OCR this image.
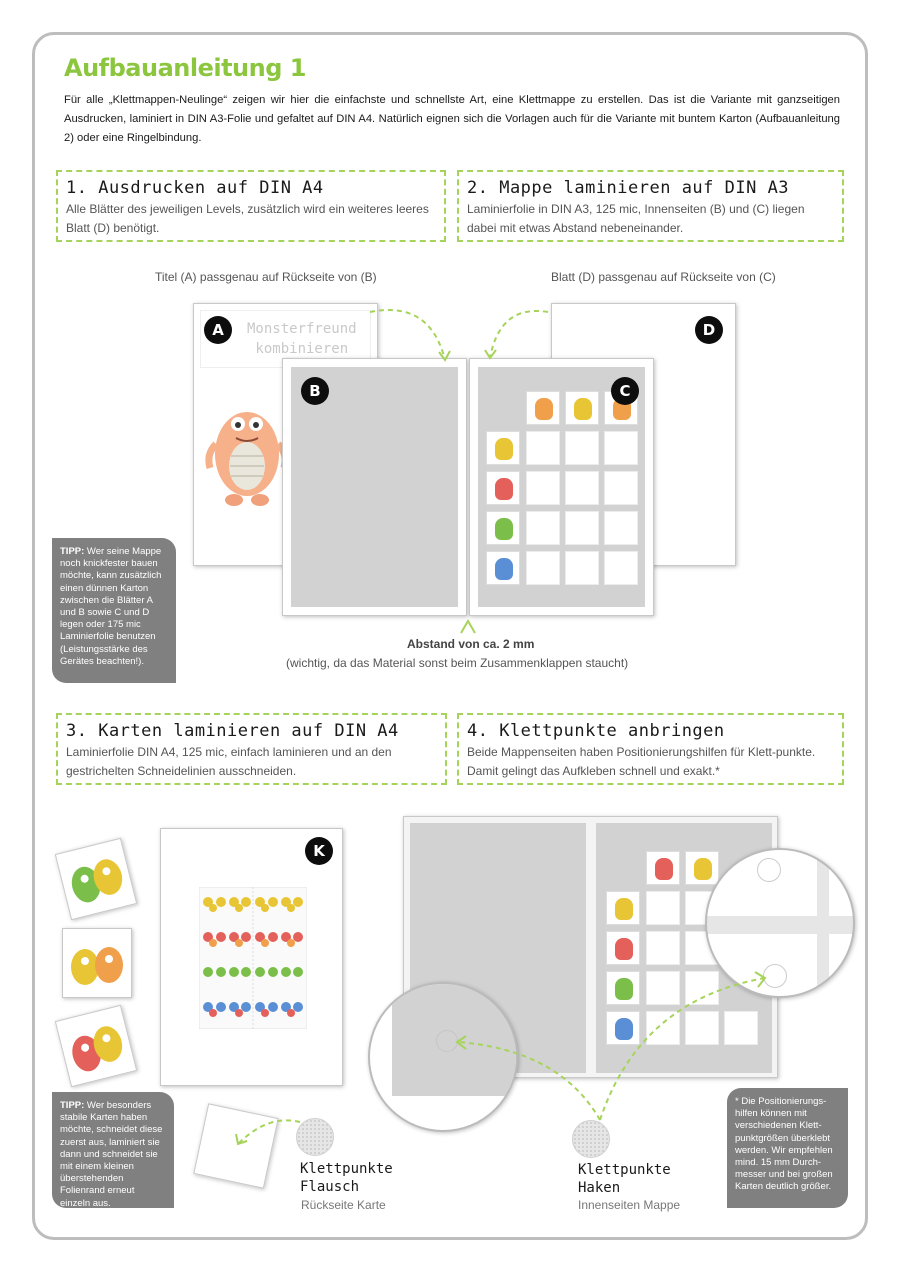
Aufbauanleitung 1

Für alle „Klettmappen-Neulinge“ zeigen wir hier die einfachste und schnellste Art, eine Klettmappe zu erstellen. Das ist die Variante mit ganzseitigen Ausdrucken, laminiert in DIN A3-Folie und gefaltet auf DIN A4. Natürlich eignen sich die Vorlagen auch für die Variante mit buntem Karton (Aufbauanleitung 2) oder eine Ringelbindung.

1. Ausdrucken auf DIN A4

Alle Blätter des jeweiligen Levels, zusätzlich wird ein weiteres leeres Blatt (D) benötigt.

2. Mappe laminieren auf DIN A3

Laminierfolie in DIN A3, 125 mic, Innenseiten (B) und (C) liegen dabei mit etwas Abstand nebeneinander.

Titel (A) passgenau auf Rückseite von (B)	Blatt (D) passgenau auf Rückseite von (C)
Monsterfreund
kombinieren
A	D
B	C
Abstand von ca. 2 mm
(wichtig, da das Material sonst beim Zusammenklappen staucht)
TIPP: Wer seine Mappe noch knickfester bauen möchte, kann zusätzlich einen dünnen Karton zwischen die Blätter A und B sowie C und D legen oder 175 mic Laminierfolie benutzen (Leistungsstärke des Gerätes beachten!).
3. Karten laminieren auf DIN A4

Laminierfolie DIN A4, 125 mic, einfach laminieren und an den gestrichelten Schneidelinien ausschneiden.

4. Klettpunkte anbringen

Beide Mappenseiten haben Positionierungshilfen für Klett-punkte. Damit gelingt das Aufkleben schnell und exakt.*

K
TIPP: Wer besonders stabile Karten haben möchte, schneidet diese zuerst aus, laminiert sie dann und schneidet sie mit einem kleinen überstehenden Folienrand erneut einzeln aus.
Klettpunkte
Flausch
Rückseite Karte
Klettpunkte
Haken
Innenseiten Mappe
* Die Positionierungs-hilfen können mit verschiedenen Klett-punktgrößen überklebt werden. Wir empfehlen mind. 15 mm Durch-messer und bei großen Karten deutlich größer.
